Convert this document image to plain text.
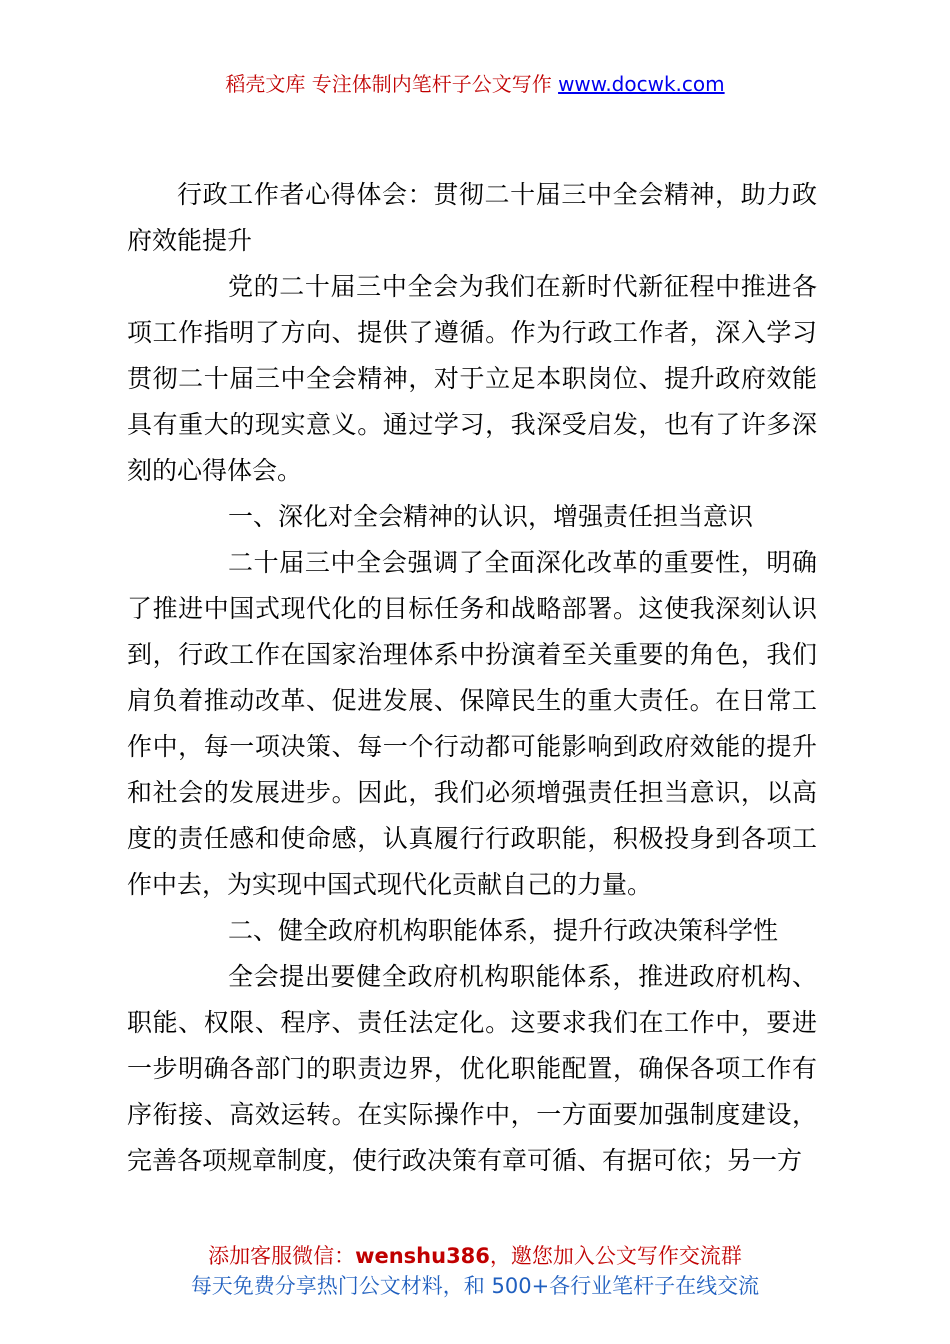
稻壳文库 专注体制内笔杆子公文写作 www.docwk.com

行政工作者心得体会：贯彻二十届三中全会精神，助力政府效能提升

党的二十届三中全会为我们在新时代新征程中推进各项工作指明了方向、提供了遵循。作为行政工作者，深入学习贯彻二十届三中全会精神，对于立足本职岗位、提升政府效能具有重大的现实意义。通过学习，我深受启发，也有了许多深刻的心得体会。

一、深化对全会精神的认识，增强责任担当意识

二十届三中全会强调了全面深化改革的重要性，明确了推进中国式现代化的目标任务和战略部署。这使我深刻认识到，行政工作在国家治理体系中扮演着至关重要的角色，我们肩负着推动改革、促进发展、保障民生的重大责任。在日常工作中，每一项决策、每一个行动都可能影响到政府效能的提升和社会的发展进步。因此，我们必须增强责任担当意识，以高度的责任感和使命感，认真履行行政职能，积极投身到各项工作中去，为实现中国式现代化贡献自己的力量。

二、健全政府机构职能体系，提升行政决策科学性

全会提出要健全政府机构职能体系，推进政府机构、职能、权限、程序、责任法定化。这要求我们在工作中，要进一步明确各部门的职责边界，优化职能配置，确保各项工作有序衔接、高效运转。在实际操作中，一方面要加强制度建设，完善各项规章制度，使行政决策有章可循、有据可依；另一方

添加客服微信：wenshu386，邀您加入公文写作交流群
每天免费分享热门公文材料，和 500+各行业笔杆子在线交流
